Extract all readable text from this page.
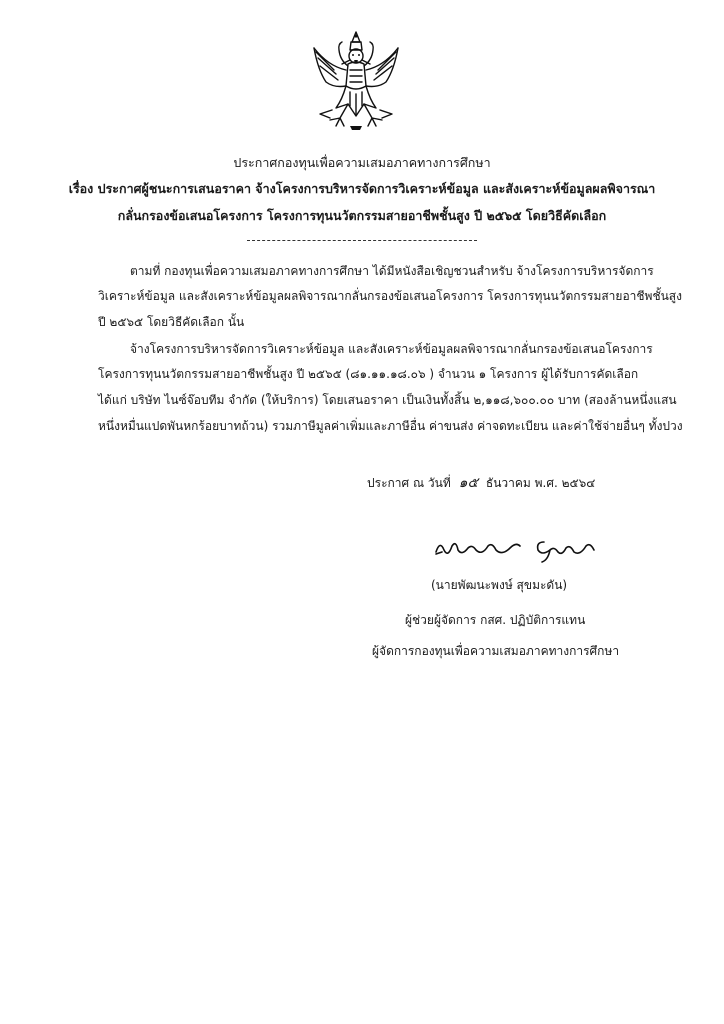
ประกาศกองทุนเพื่อความเสมอภาคทางการศึกษา
เรื่อง ประกาศผู้ชนะการเสนอราคา จ้างโครงการบริหารจัดการวิเคราะห์ข้อมูล และสังเคราะห์ข้อมูลผลพิจารณา
กลั่นกรองข้อเสนอโครงการ โครงการทุนนวัตกรรมสายอาชีพชั้นสูง ปี ๒๕๖๕ โดยวิธีคัดเลือก
ตามที่ กองทุนเพื่อความเสมอภาคทางการศึกษา ได้มีหนังสือเชิญชวนสำหรับ จ้างโครงการบริหารจัดการ
วิเคราะห์ข้อมูล และสังเคราะห์ข้อมูลผลพิจารณากลั่นกรองข้อเสนอโครงการ โครงการทุนนวัตกรรมสายอาชีพชั้นสูง
ปี ๒๕๖๕ โดยวิธีคัดเลือก นั้น
จ้างโครงการบริหารจัดการวิเคราะห์ข้อมูล และสังเคราะห์ข้อมูลผลพิจารณากลั่นกรองข้อเสนอโครงการ
โครงการทุนนวัตกรรมสายอาชีพชั้นสูง ปี ๒๕๖๕ (๘๑.๑๑.๑๘.๐๖ ) จำนวน ๑ โครงการ ผู้ได้รับการคัดเลือก
ได้แก่ บริษัท ไนซ์จ๊อบทีม จำกัด (ให้บริการ) โดยเสนอราคา เป็นเงินทั้งสิ้น ๒,๑๑๘,๖๐๐.๐๐ บาท (สองล้านหนึ่งแสน
หนึ่งหมื่นแปดพันหกร้อยบาทถ้วน) รวมภาษีมูลค่าเพิ่มและภาษีอื่น ค่าขนส่ง ค่าจดทะเบียน และค่าใช้จ่ายอื่นๆ ทั้งปวง
ประกาศ ณ วันที่ ๑๕ ธันวาคม พ.ศ. ๒๕๖๔
(นายพัฒนะพงษ์ สุขมะดัน)
ผู้ช่วยผู้จัดการ กสศ. ปฏิบัติการแทน
ผู้จัดการกองทุนเพื่อความเสมอภาคทางการศึกษา
